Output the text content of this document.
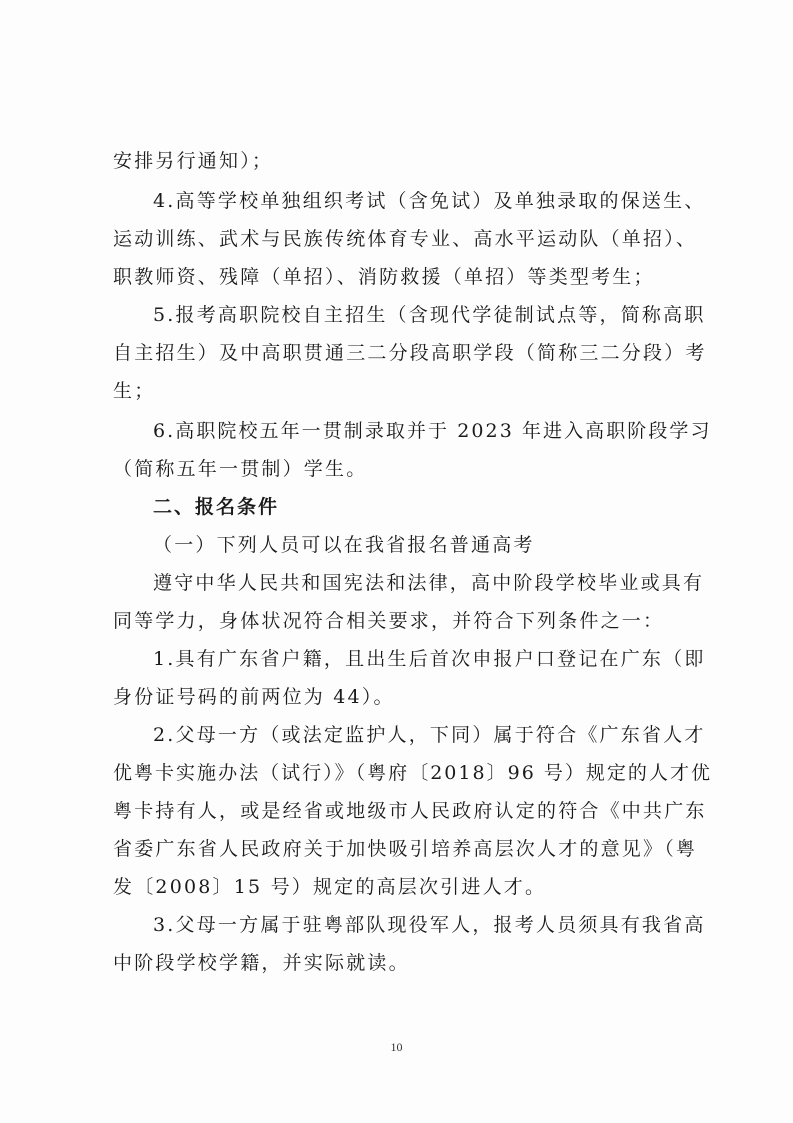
安排另行通知）；
4.高等学校单独组织考试（含免试）及单独录取的保送生、
运动训练、武术与民族传统体育专业、高水平运动队（单招）、
职教师资、残障（单招）、消防救援（单招）等类型考生；
5.报考高职院校自主招生（含现代学徒制试点等，简称高职
自主招生）及中高职贯通三二分段高职学段（简称三二分段）考
生；
6.高职院校五年一贯制录取并于 2023 年进入高职阶段学习
（简称五年一贯制）学生。
二、报名条件
（一）下列人员可以在我省报名普通高考
遵守中华人民共和国宪法和法律，高中阶段学校毕业或具有
同等学力，身体状况符合相关要求，并符合下列条件之一：
1.具有广东省户籍，且出生后首次申报户口登记在广东（即
身份证号码的前两位为 44）。
2.父母一方（或法定监护人，下同）属于符合《广东省人才
优粤卡实施办法（试行）》（粤府〔2018〕96 号）规定的人才优
粤卡持有人，或是经省或地级市人民政府认定的符合《中共广东
省委广东省人民政府关于加快吸引培养高层次人才的意见》（粤
发〔2008〕15 号）规定的高层次引进人才。
3.父母一方属于驻粤部队现役军人，报考人员须具有我省高
中阶段学校学籍，并实际就读。
10
